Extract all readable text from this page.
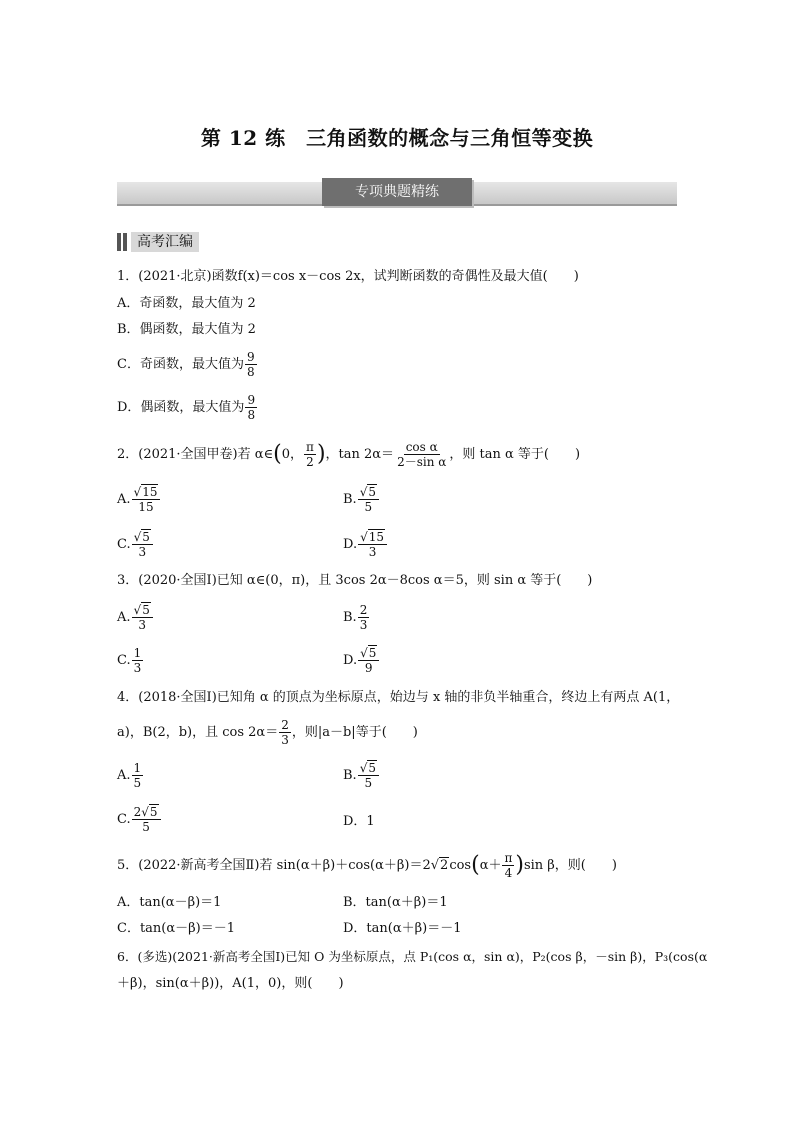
第 12 练　三角函数的概念与三角恒等变换
专项典题精练
高考汇编
1．(2021·北京)函数f(x)＝cos x－cos 2x，试判断函数的奇偶性及最大值(　　)
A．奇函数，最大值为 2
B．偶函数，最大值为 2
C．奇函数，最大值为 $\frac{9}{8}$
D．偶函数，最大值为 $\frac{9}{8}$
2．(2021·全国甲卷)若 α∈(0， $\frac{\pi}{2}$ )，$\tan 2\alpha= \frac{\text{cos α}}{\text{2－sin α}}$ ，则 tan α 等于(　　)
A. $\frac{√15}{15}$	B. $\frac{√5}{5}$
C. $\frac{√5}{3}$	D. $\frac{√15}{3}$
3．(2020·全国Ⅰ)已知 α∈(0，π)，且 3cos 2α－8cos α＝5，则 sin α 等于(　　)
A. $\frac{√5}{3}$	B. $\frac{2}{3}$
C. $\frac{1}{3}$	D. $\frac{√5}{9}$
4．(2018·全国Ⅰ)已知角 α 的顶点为坐标原点，始边与 x 轴的非负半轴重合，终边上有两点 A(1，
a)，B(2，b)，且 $\cos 2\alpha= \frac{2}{3}$ ，则|a－b|等于(　　)
A. $\frac{1}{5}$	B. $\frac{√5}{5}$
C. $\frac{2√5}{5}$	D．1
5．(2022·新高考全国Ⅱ)若 $\sin(\alpha+\beta)+\cos(\alpha+\beta)=2√2\cos(\alpha+ \frac{\pi}{4} )\sin$ β，则(　　)
A．tan(α－β)＝1	B．tan(α＋β)＝1
C．tan(α－β)＝－1	D．tan(α＋β)＝－1
6．(多选)(2021·新高考全国Ⅰ)已知 O 为坐标原点，点 P₁(cos α，sin α)，P₂(cos β，－sin β)，P₃(cos(α
＋β)，sin(α＋β))，A(1，0)，则(　　)
